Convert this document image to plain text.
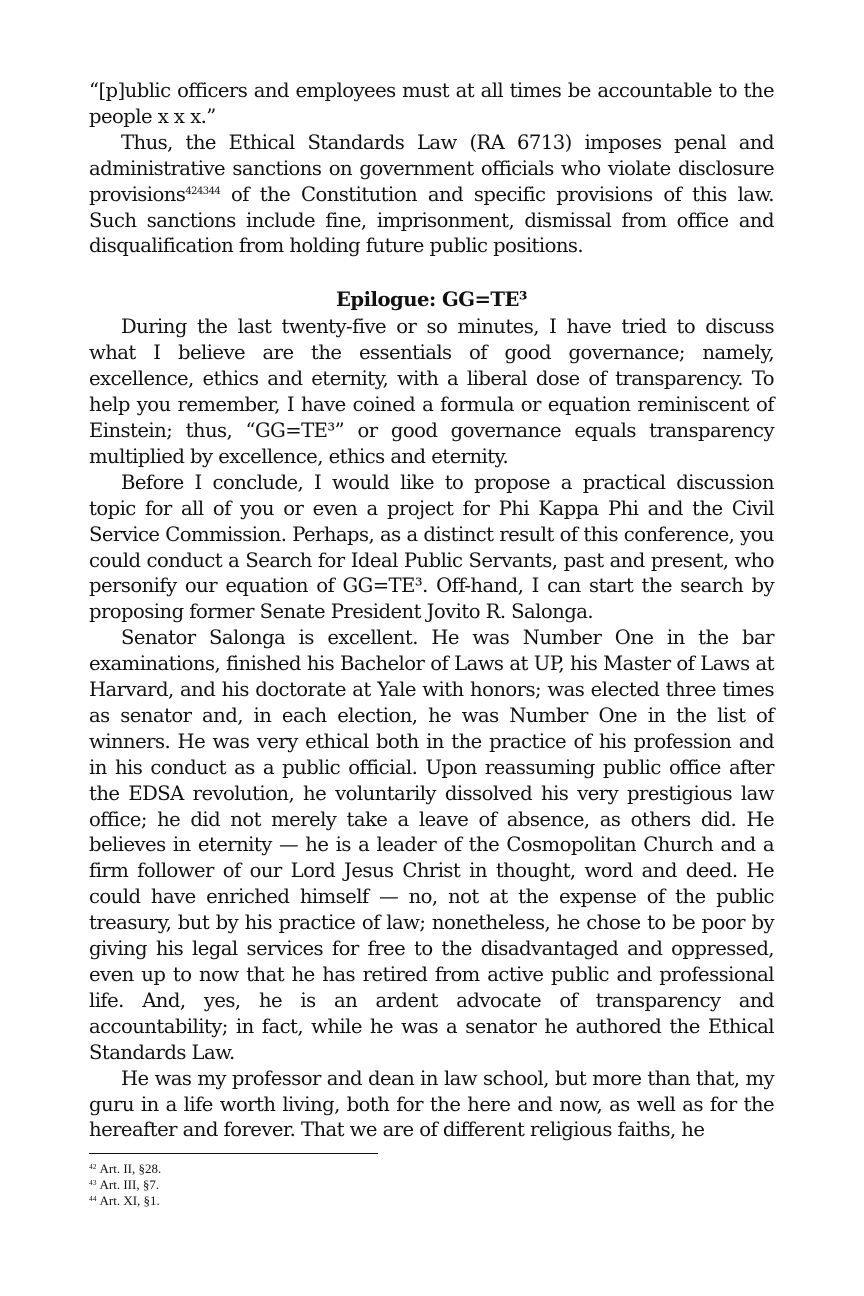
“[p]ublic officers and employees must at all times be accountable to the people x x x.”

Thus, the Ethical Standards Law (RA 6713) imposes penal and administrative sanctions on government officials who violate disclosure provisions$^{424344}$ of the Constitution and specific provisions of this law. Such sanctions include fine, imprisonment, dismissal from office and disqualification from holding future public positions.

Epilogue: GG=TE³

During the last twenty-five or so minutes, I have tried to discuss what I believe are the essentials of good governance; namely, excellence, ethics and eternity, with a liberal dose of transparency. To help you remember, I have coined a formula or equation reminiscent of Einstein; thus, “GG=TE³” or good governance equals transparency multiplied by excellence, ethics and eternity.

Before I conclude, I would like to propose a practical discussion topic for all of you or even a project for Phi Kappa Phi and the Civil Service Commission. Perhaps, as a distinct result of this conference, you could conduct a Search for Ideal Public Servants, past and present, who personify our equation of GG=TE³. Off-hand, I can start the search by proposing former Senate President Jovito R. Salonga.

Senator Salonga is excellent. He was Number One in the bar examinations, finished his Bachelor of Laws at UP, his Master of Laws at Harvard, and his doctorate at Yale with honors; was elected three times as senator and, in each election, he was Number One in the list of winners. He was very ethical both in the practice of his profession and in his conduct as a public official. Upon reassuming public office after the EDSA revolution, he voluntarily dissolved his very prestigious law office; he did not merely take a leave of absence, as others did. He believes in eternity — he is a leader of the Cosmopolitan Church and a firm follower of our Lord Jesus Christ in thought, word and deed. He could have enriched himself — no, not at the expense of the public treasury, but by his practice of law; nonetheless, he chose to be poor by giving his legal services for free to the disadvantaged and oppressed, even up to now that he has retired from active public and professional life. And, yes, he is an ardent advocate of transparency and accountability; in fact, while he was a senator he authored the Ethical Standards Law.

He was my professor and dean in law school, but more than that, my guru in a life worth living, both for the here and now, as well as for the hereafter and forever. That we are of different religious faiths, he

$^{42}$ Art. II, §28.
$^{43}$ Art. III, §7.
$^{44}$ Art. XI, §1.
